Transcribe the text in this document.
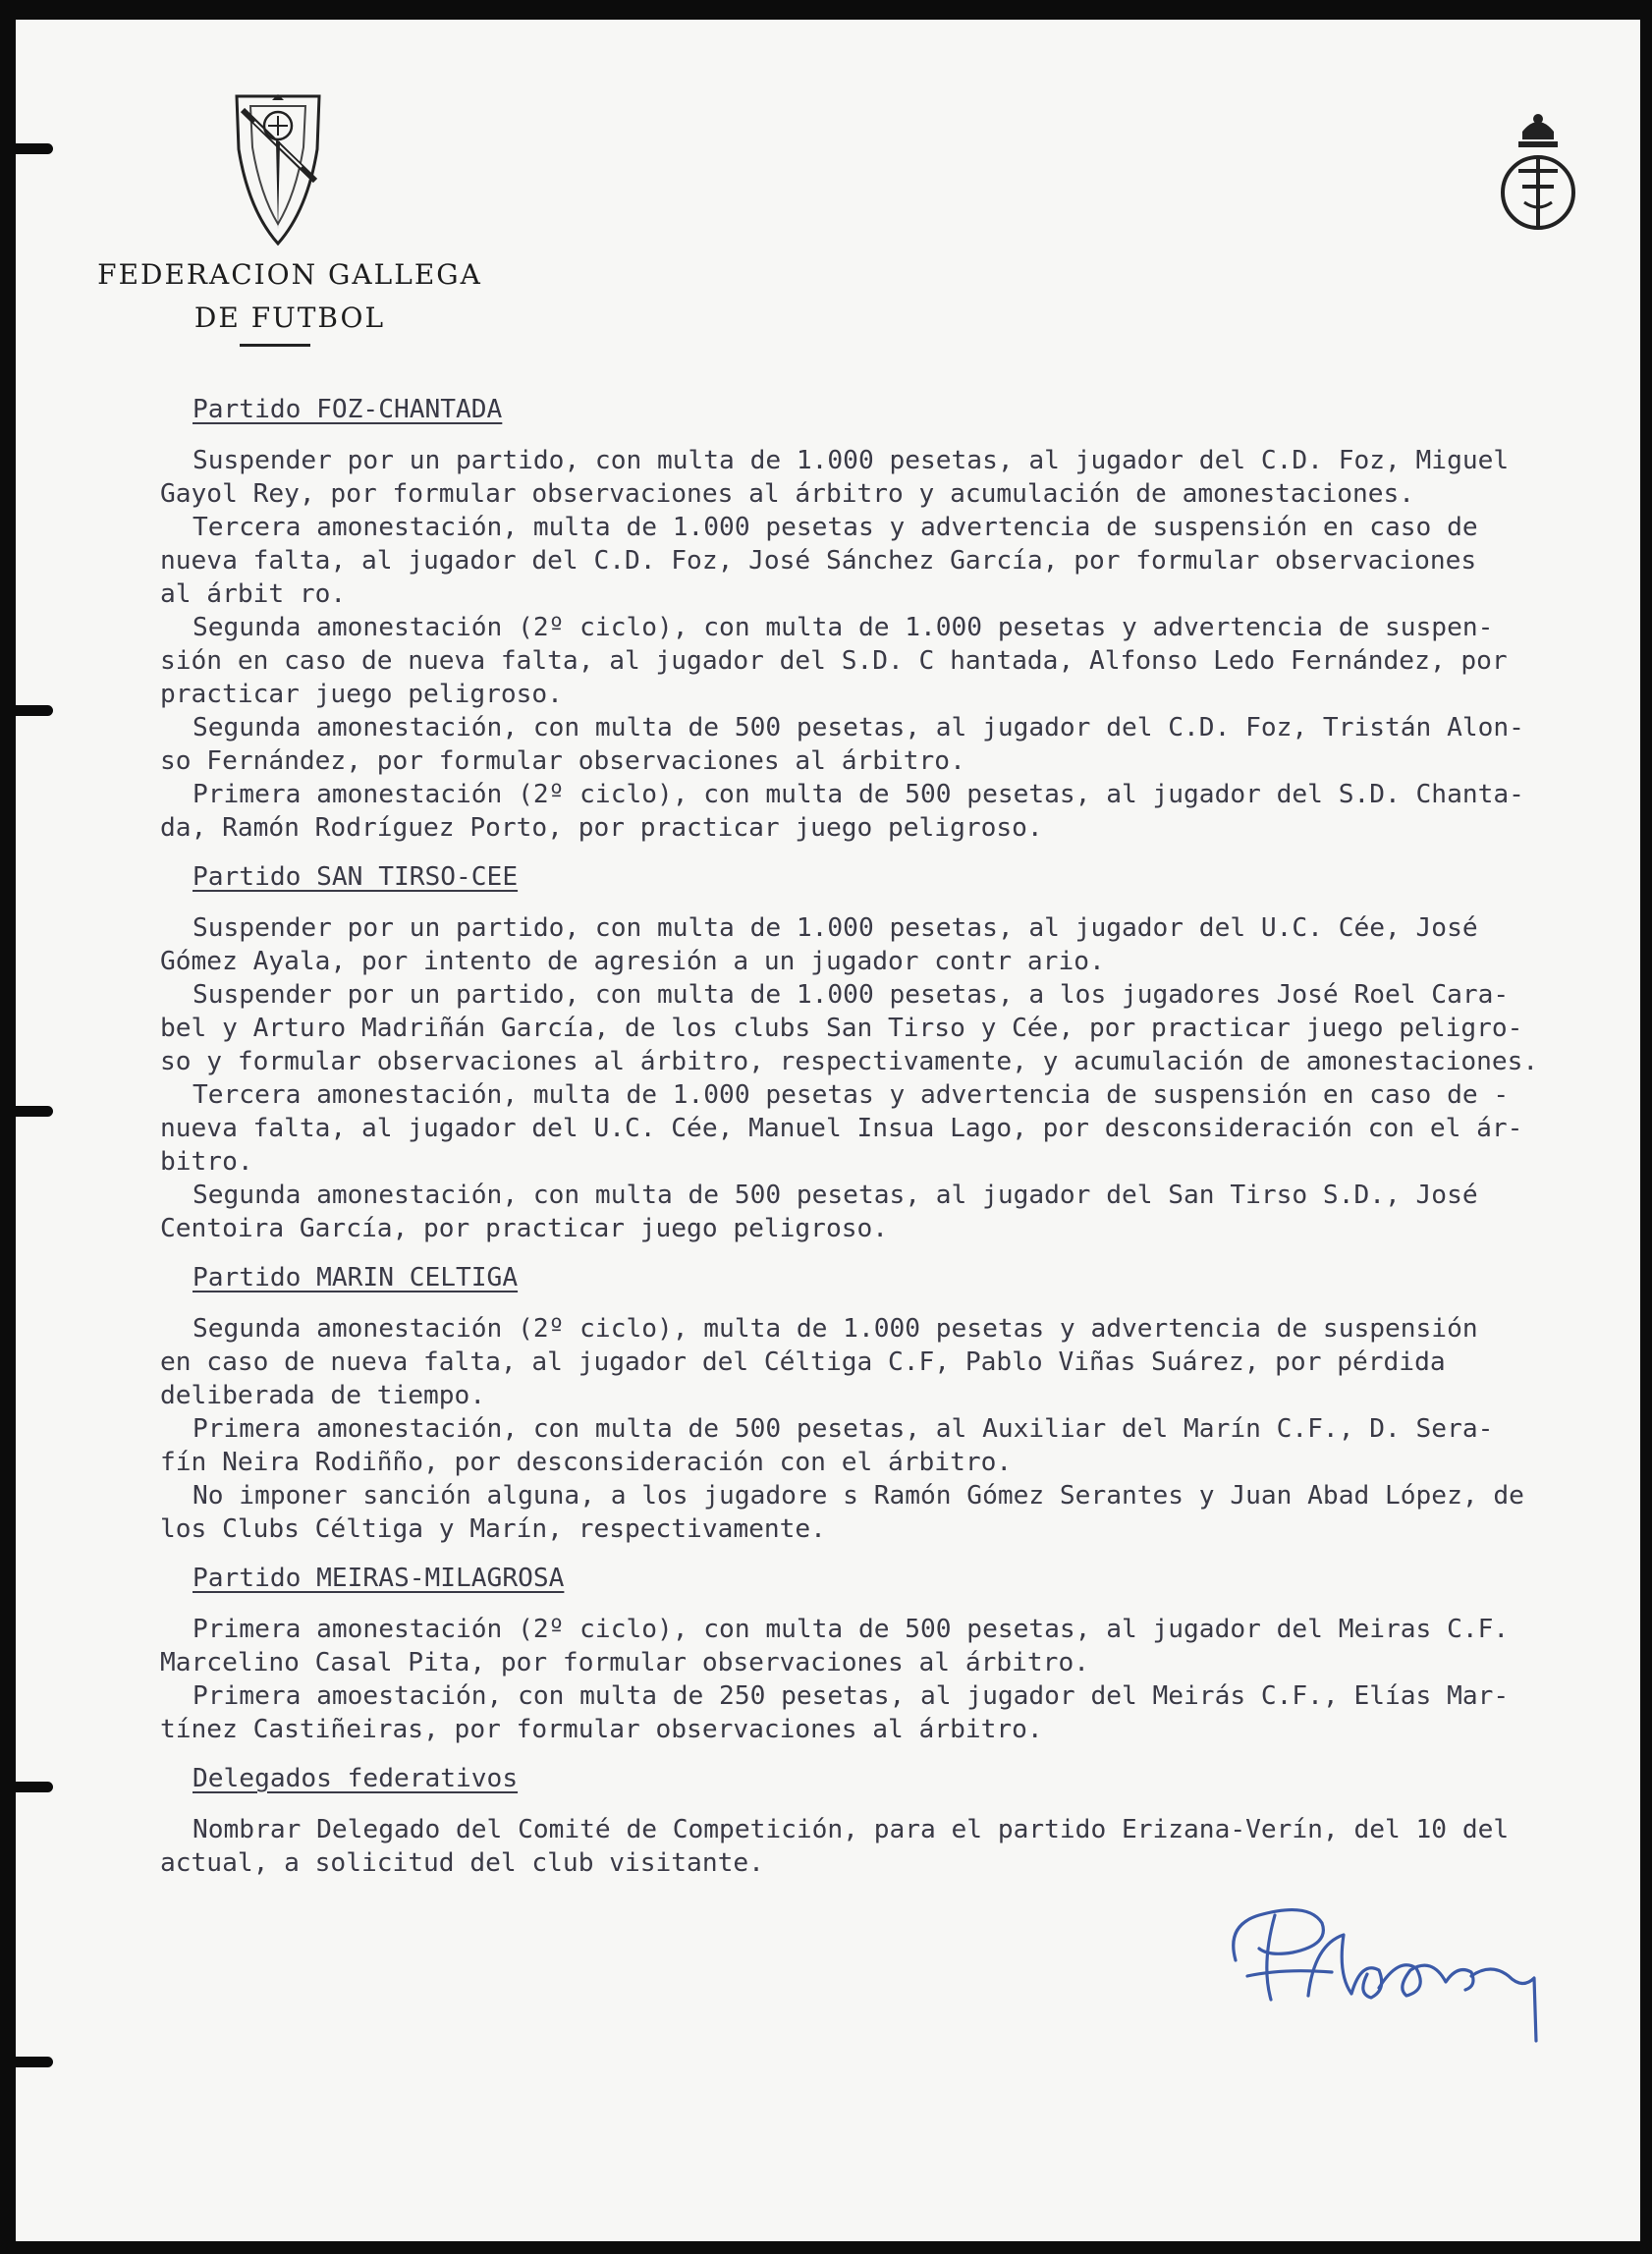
FEDERACION GALLEGA
DE FUTBOL
Partido FOZ-CHANTADA
Suspender por un partido, con multa de 1.000 pesetas, al jugador del C.D. Foz, Miguel
Gayol Rey, por formular observaciones al árbitro y acumulación de amonestaciones.
Tercera amonestación, multa de 1.000 pesetas y advertencia de suspensión en caso de
nueva falta, al jugador del C.D. Foz, José Sánchez García, por formular observaciones
al árbit ro.
Segunda amonestación (2º ciclo), con multa de 1.000 pesetas y advertencia de suspen-
sión en caso de nueva falta, al jugador del S.D. C hantada, Alfonso Ledo Fernández, por
practicar juego peligroso.
Segunda amonestación, con multa de 500 pesetas, al jugador del C.D. Foz, Tristán Alon-
so Fernández, por formular observaciones al árbitro.
Primera amonestación (2º ciclo), con multa de 500 pesetas, al jugador del S.D. Chanta-
da, Ramón Rodríguez Porto, por practicar juego peligroso.
Partido SAN TIRSO-CEE
Suspender por un partido, con multa de 1.000 pesetas, al jugador del U.C. Cée, José
Gómez Ayala, por intento de agresión a un jugador contr ario.
Suspender por un partido, con multa de 1.000 pesetas, a los jugadores José Roel Cara-
bel y Arturo Madriñán García, de los clubs San Tirso y Cée, por practicar juego peligro-
so y formular observaciones al árbitro, respectivamente, y acumulación de amonestaciones.
Tercera amonestación, multa de 1.000 pesetas y advertencia de suspensión en caso de -
nueva falta, al jugador del U.C. Cée, Manuel Insua Lago, por desconsideración con el ár-
bitro.
Segunda amonestación, con multa de 500 pesetas, al jugador del San Tirso S.D., José
Centoira García, por practicar juego peligroso.
Partido MARIN_CELTIGA
Segunda amonestación (2º ciclo), multa de 1.000 pesetas y advertencia de suspensión
en caso de nueva falta, al jugador del Céltiga C.F, Pablo Viñas Suárez, por pérdida
deliberada de tiempo.
Primera amonestación, con multa de 500 pesetas, al Auxiliar del Marín C.F., D. Sera-
fín Neira Rodiñño, por desconsideración con el árbitro.
No imponer sanción alguna, a los jugadore s Ramón Gómez Serantes y Juan Abad López, de
los Clubs Céltiga y Marín, respectivamente.
Partido MEIRAS-MILAGROSA
Primera amonestación (2º ciclo), con multa de 500 pesetas, al jugador del Meiras C.F.
Marcelino Casal Pita, por formular observaciones al árbitro.
Primera amoestación, con multa de 250 pesetas, al jugador del Meirás C.F., Elías Mar-
tínez Castiñeiras, por formular observaciones al árbitro.
Delegados federativos
Nombrar Delegado del Comité de Competición, para el partido Erizana-Verín, del 10 del
actual, a solicitud del club visitante.
